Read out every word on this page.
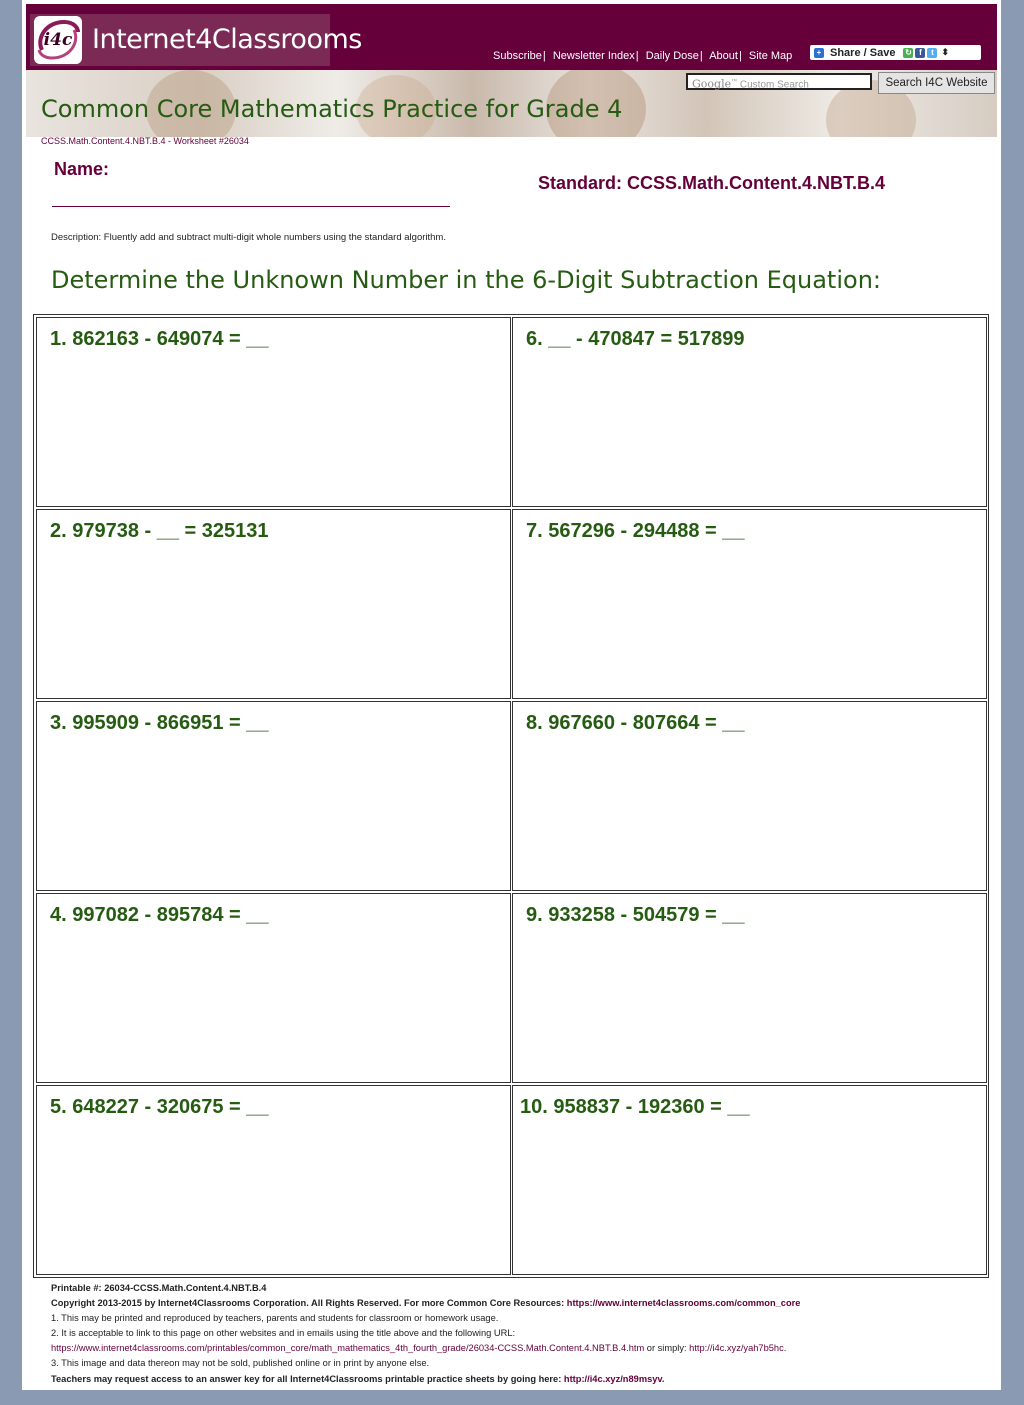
i4c Internet4Classrooms
Subscribe| Newsletter Index| Daily Dose| About| Site Map	+ Share / Save ↻ f	t ⬍
Google™ Custom Search	Search I4C Website
Common Core Mathematics Practice for Grade 4
CCSS.Math.Content.4.NBT.B.4 - Worksheet #26034
Name:
Standard: CCSS.Math.Content.4.NBT.B.4
Description: Fluently add and subtract multi-digit whole numbers using the standard algorithm.
Determine the Unknown Number in the 6-Digit Subtraction Equation:
1. 862163 - 649074 = __
2. 979738 - __ = 325131
3. 995909 - 866951 = __
4. 997082 - 895784 = __
5. 648227 - 320675 = __
6. __ - 470847 = 517899
7. 567296 - 294488 = __
8. 967660 - 807664 = __
9. 933258 - 504579 = __
10. 958837 - 192360 = __
Printable #: 26034-CCSS.Math.Content.4.NBT.B.4
Copyright 2013-2015 by Internet4Classrooms Corporation. All Rights Reserved. For more Common Core Resources: https://www.internet4classrooms.com/common_core
1. This may be printed and reproduced by teachers, parents and students for classroom or homework usage.
2. It is acceptable to link to this page on other websites and in emails using the title above and the following URL:
https://www.internet4classrooms.com/printables/common_core/math_mathematics_4th_fourth_grade/26034-CCSS.Math.Content.4.NBT.B.4.htm or simply: http://i4c.xyz/yah7b5hc.
3. This image and data thereon may not be sold, published online or in print by anyone else.
Teachers may request access to an answer key for all Internet4Classrooms printable practice sheets by going here: http://i4c.xyz/n89msyv.
